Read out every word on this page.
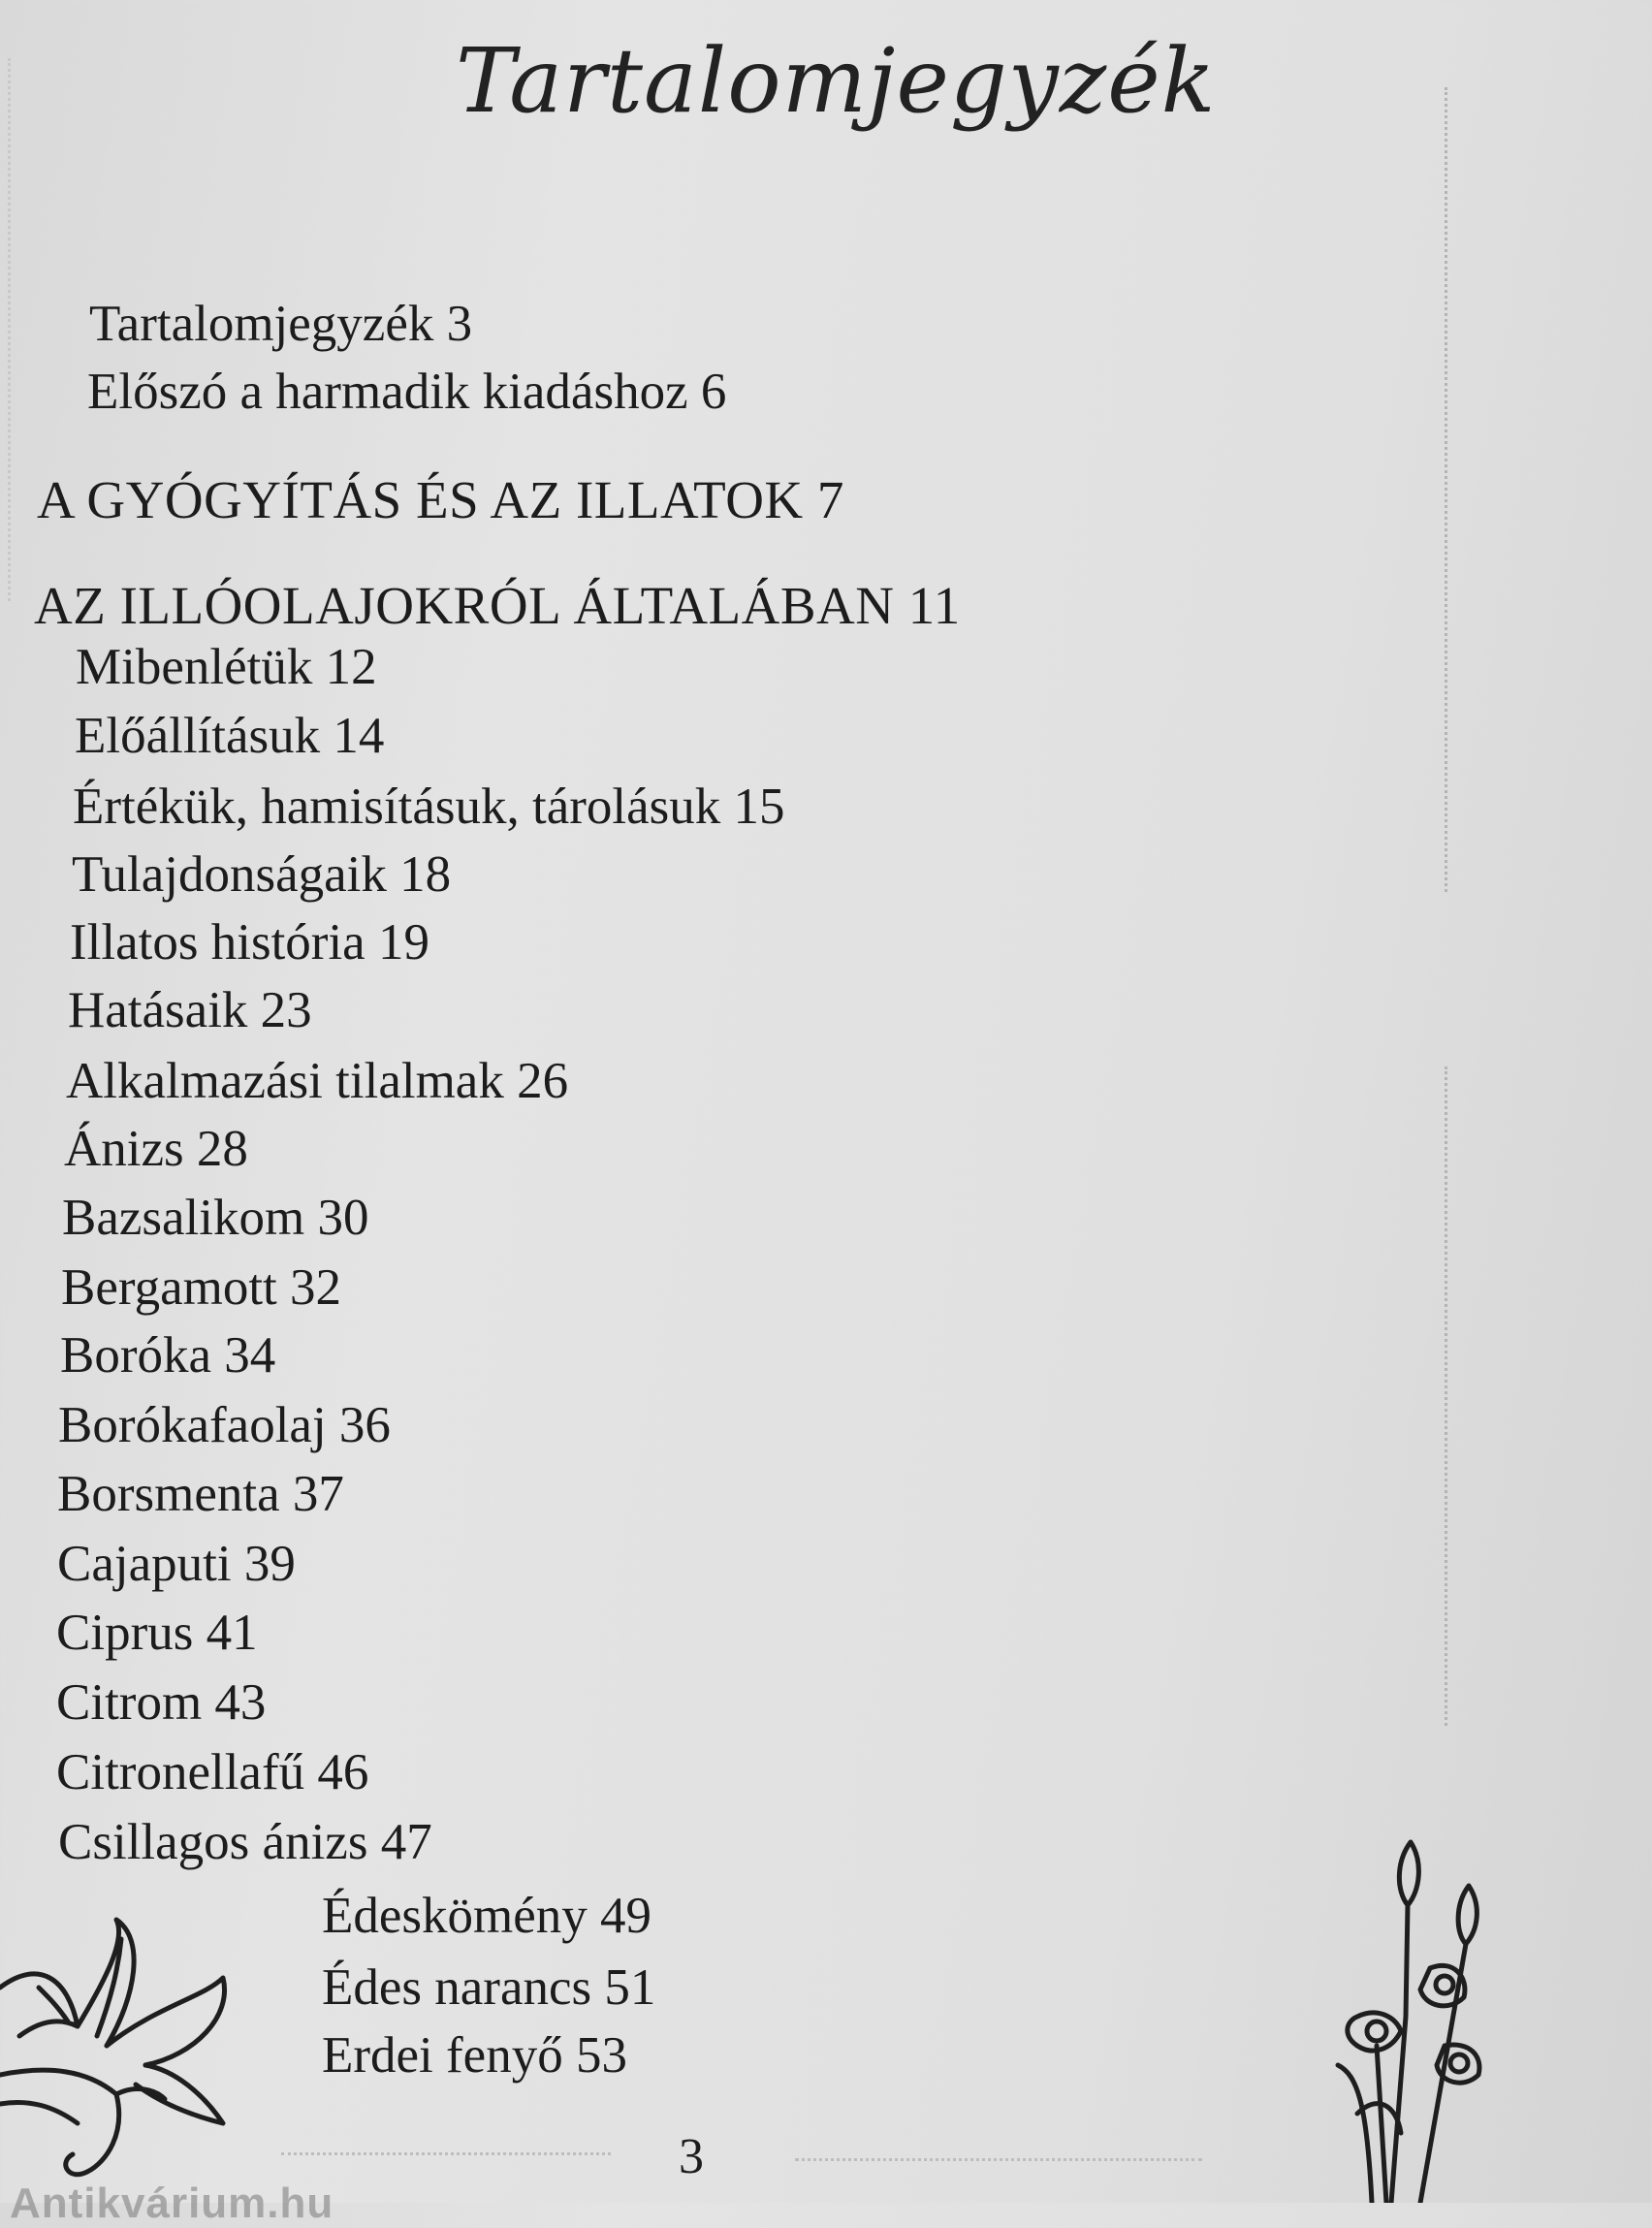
Tartalomjegyzék
Tartalomjegyzék 3
Előszó a harmadik kiadáshoz 6
A GYÓGYÍTÁS ÉS AZ ILLATOK 7
AZ ILLÓOLAJOKRÓL ÁLTALÁBAN 11
Mibenlétük 12
Előállításuk 14
Értékük, hamisításuk, tárolásuk 15
Tulajdonságaik 18
Illatos história 19
Hatásaik 23
Alkalmazási tilalmak 26
Ánizs 28
Bazsalikom 30
Bergamott 32
Boróka 34
Borókafaolaj 36
Borsmenta 37
Cajaputi 39
Ciprus 41
Citrom 43
Citronellafű 46
Csillagos ánizs 47
Édeskömény 49
Édes narancs 51
Erdei fenyő 53
3
Antikvárium.hu
